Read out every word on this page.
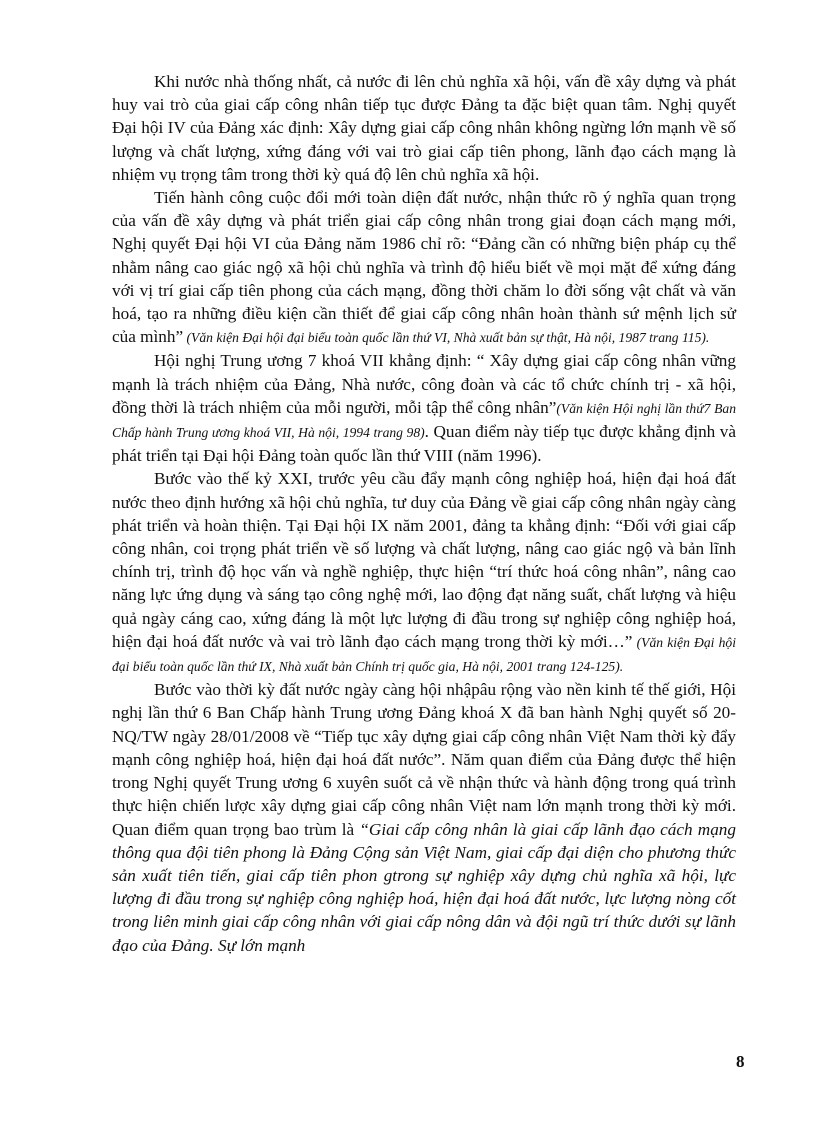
Khi nước nhà thống nhất, cả nước đi lên chủ nghĩa xã hội, vấn đề xây dựng và phát huy vai trò của giai cấp công nhân tiếp tục được Đảng ta đặc biệt quan tâm. Nghị quyết Đại hội IV của Đảng xác định: Xây dựng giai cấp công nhân không ngừng lớn mạnh về số lượng và chất lượng, xứng đáng với vai trò giai cấp tiên phong, lãnh đạo cách mạng là nhiệm vụ trọng tâm trong thời kỳ quá độ lên chủ nghĩa xã hội.

Tiến hành công cuộc đổi mới toàn diện đất nước, nhận thức rõ ý nghĩa quan trọng của vấn đề xây dựng và phát triển giai cấp công nhân trong giai đoạn cách mạng mới, Nghị quyết Đại hội VI của Đảng năm 1986 chỉ rõ: “Đảng cần có những biện pháp cụ thể nhằm nâng cao giác ngộ xã hội chủ nghĩa và trình độ hiểu biết về mọi mặt để xứng đáng với vị trí giai cấp tiên phong của cách mạng, đồng thời chăm lo đời sống vật chất và văn hoá, tạo ra những điều kiện cần thiết để giai cấp công nhân hoàn thành sứ mệnh lịch sử của mình” (Văn kiện Đại hội đại biểu toàn quốc lần thứ VI, Nhà xuất bản sự thật, Hà nội, 1987 trang 115).

Hội nghị Trung ương 7 khoá VII khẳng định: “ Xây dựng giai cấp công nhân vững mạnh là trách nhiệm của Đảng, Nhà nước, công đoàn và các tổ chức chính trị - xã hội, đồng thời là trách nhiệm của mỗi người, mỗi tập thể công nhân”(Văn kiện Hội nghị lần thứ7 Ban Chấp hành Trung ương khoá VII, Hà nội, 1994 trang 98). Quan điểm này tiếp tục được khẳng định và phát triển tại Đại hội Đảng toàn quốc lần thứ VIII (năm 1996).

Bước vào thế kỷ XXI, trước yêu cầu đẩy mạnh công nghiệp hoá, hiện đại hoá đất nước theo định hướng xã hội chủ nghĩa, tư duy của Đảng về giai cấp công nhân ngày càng phát triển và hoàn thiện. Tại Đại hội IX năm 2001, đảng ta khẳng định: “Đối với giai cấp công nhân, coi trọng phát triển về số lượng và chất lượng, nâng cao giác ngộ và bản lĩnh chính trị, trình độ học vấn và nghề nghiệp, thực hiện “trí thức hoá công nhân”, nâng cao năng lực ứng dụng và sáng tạo công nghệ mới, lao động đạt năng suất, chất lượng và hiệu quả ngày cáng cao, xứng đáng là một lực lượng đi đầu trong sự nghiệp công nghiệp hoá, hiện đại hoá đất nước và vai trò lãnh đạo cách mạng trong thời kỳ mới…” (Văn kiện Đại hội đại biểu toàn quốc lần thứ IX, Nhà xuất bản Chính trị quốc gia, Hà nội, 2001 trang 124-125).

Bước vào thời kỳ đất nước ngày càng hội nhậpâu rộng vào nền kinh tế thế giới, Hội nghị lần thứ 6 Ban Chấp hành Trung ương Đảng khoá X đã ban hành Nghị quyết số 20-NQ/TW ngày 28/01/2008 về “Tiếp tục xây dựng giai cấp công nhân Việt Nam thời kỳ đẩy mạnh công nghiệp hoá, hiện đại hoá đất nước”. Năm quan điểm của Đảng được thể hiện trong Nghị quyết Trung ương 6 xuyên suốt cả về nhận thức và hành động trong quá trình thực hiện chiến lược xây dựng giai cấp công nhân Việt nam lớn mạnh trong thời kỳ mới. Quan điểm quan trọng bao trùm là “Giai cấp công nhân là giai cấp lãnh đạo cách mạng thông qua đội tiên phong là Đảng Cộng sản Việt Nam, giai cấp đại diện cho phương thức sản xuất tiên tiến, giai cấp tiên phon gtrong sự nghiệp xây dựng chủ nghĩa xã hội, lực lượng đi đầu trong sự nghiệp công nghiệp hoá, hiện đại hoá đất nước, lực lượng nòng cốt trong liên minh giai cấp công nhân với giai cấp nông dân và đội ngũ trí thức dưới sự lãnh đạo của Đảng. Sự lớn mạnh

8
